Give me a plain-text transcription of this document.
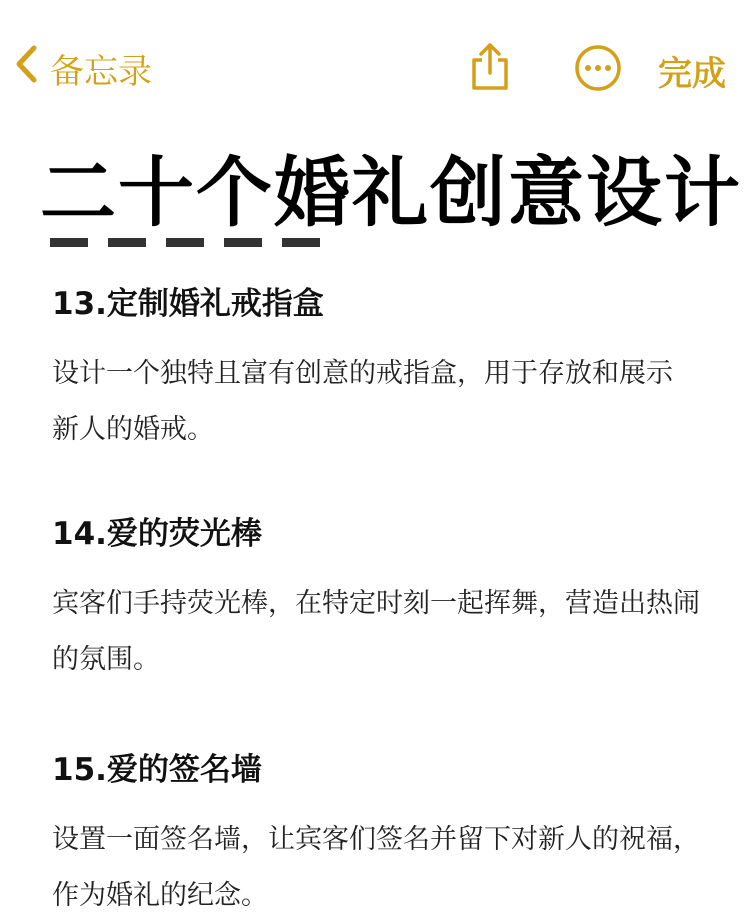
备忘录	完成
二十个婚礼创意设计

13.定制婚礼戒指盒

设计一个独特且富有创意的戒指盒，用于存放和展示
新人的婚戒。

14.爱的荧光棒

宾客们手持荧光棒，在特定时刻一起挥舞，营造出热闹
的氛围。

15.爱的签名墙

设置一面签名墙，让宾客们签名并留下对新人的祝福，
作为婚礼的纪念。
